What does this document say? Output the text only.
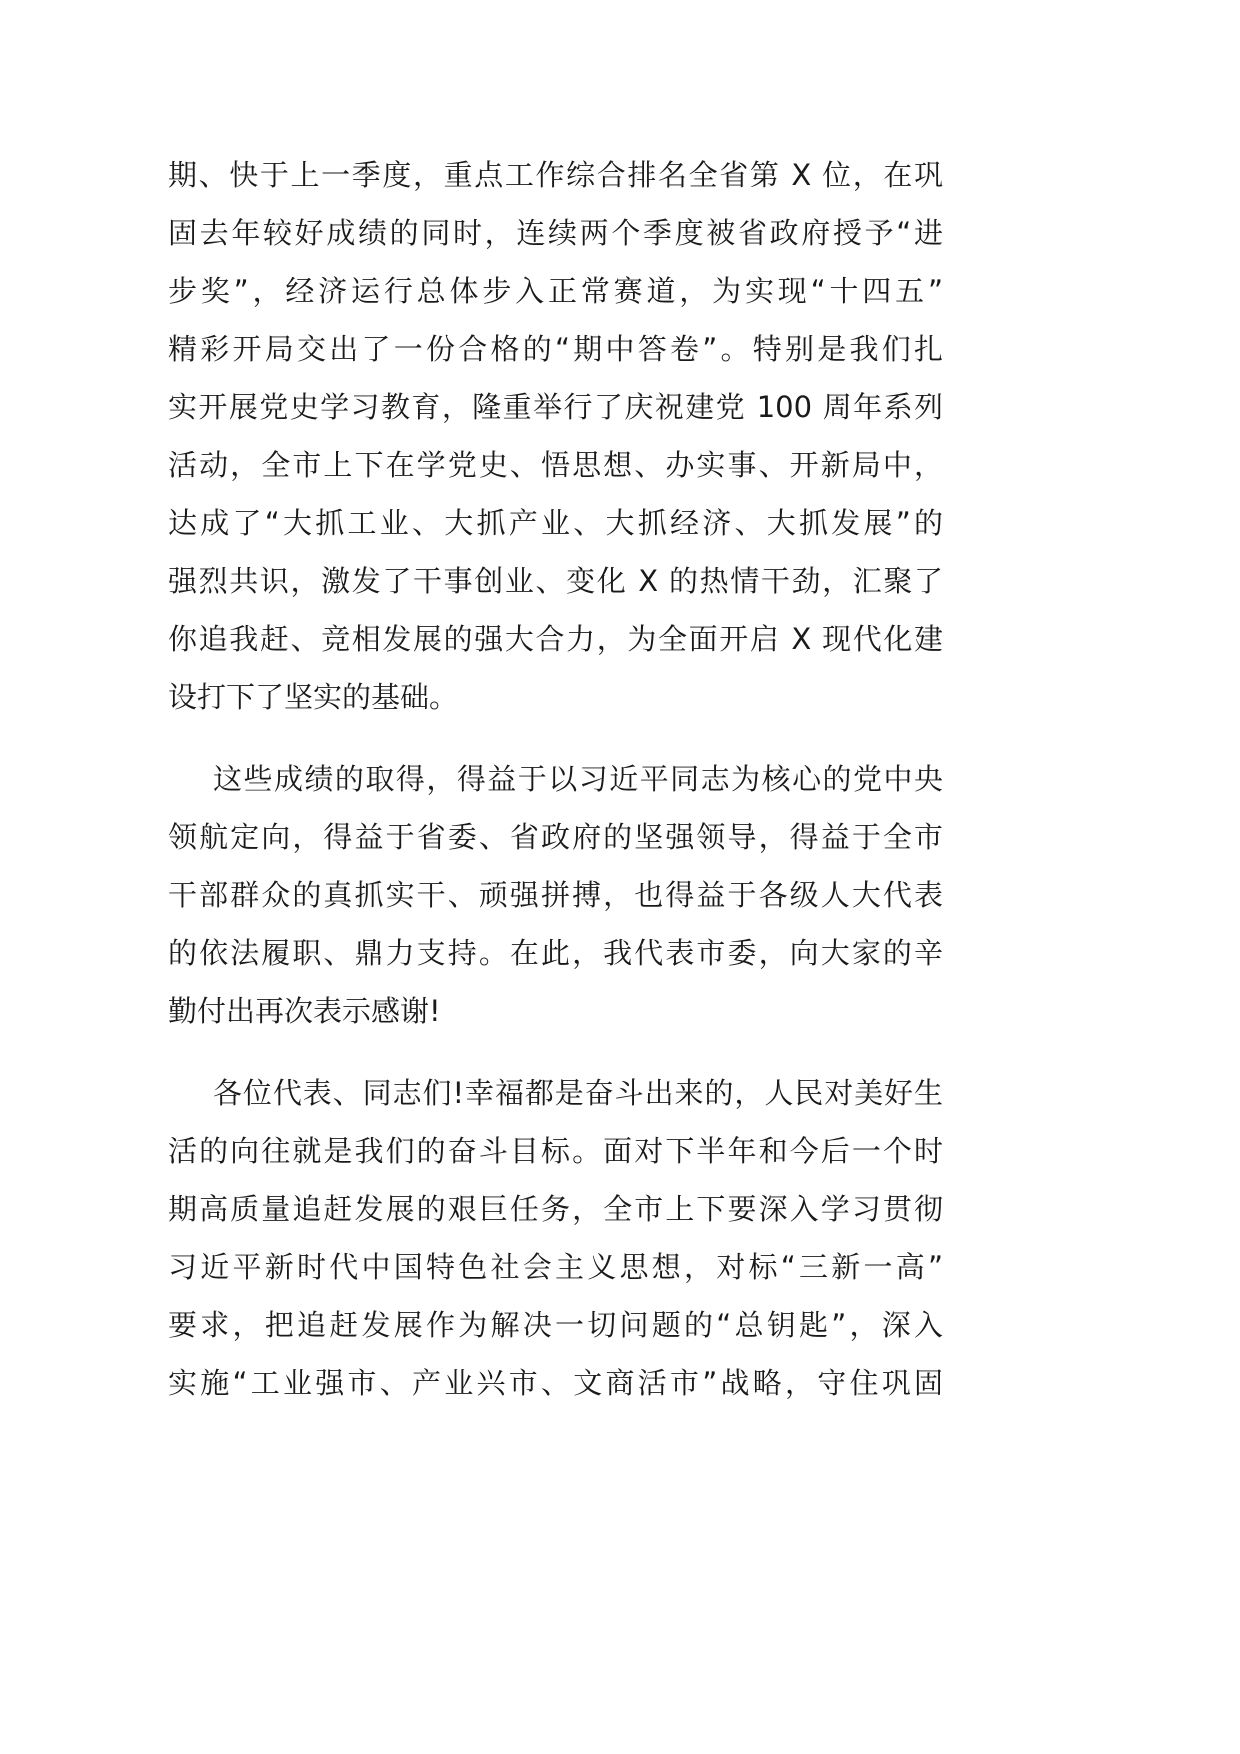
期、快于上一季度，重点工作综合排名全省第 X 位，在巩
固去年较好成绩的同时，连续两个季度被省政府授予“进
步奖”，经济运行总体步入正常赛道，为实现“十四五”
精彩开局交出了一份合格的“期中答卷”。特别是我们扎
实开展党史学习教育，隆重举行了庆祝建党 100 周年系列
活动，全市上下在学党史、悟思想、办实事、开新局中，
达成了“大抓工业、大抓产业、大抓经济、大抓发展”的
强烈共识，激发了干事创业、变化 X 的热情干劲，汇聚了
你追我赶、竞相发展的强大合力，为全面开启 X 现代化建
设打下了坚实的基础。
这些成绩的取得，得益于以习近平同志为核心的党中央
领航定向，得益于省委、省政府的坚强领导，得益于全市
干部群众的真抓实干、顽强拼搏，也得益于各级人大代表
的依法履职、鼎力支持。在此，我代表市委，向大家的辛
勤付出再次表示感谢!
各位代表、同志们!幸福都是奋斗出来的，人民对美好生
活的向往就是我们的奋斗目标。面对下半年和今后一个时
期高质量追赶发展的艰巨任务，全市上下要深入学习贯彻
习近平新时代中国特色社会主义思想，对标“三新一高”
要求，把追赶发展作为解决一切问题的“总钥匙”，深入
实施“工业强市、产业兴市、文商活市”战略，守住巩固
